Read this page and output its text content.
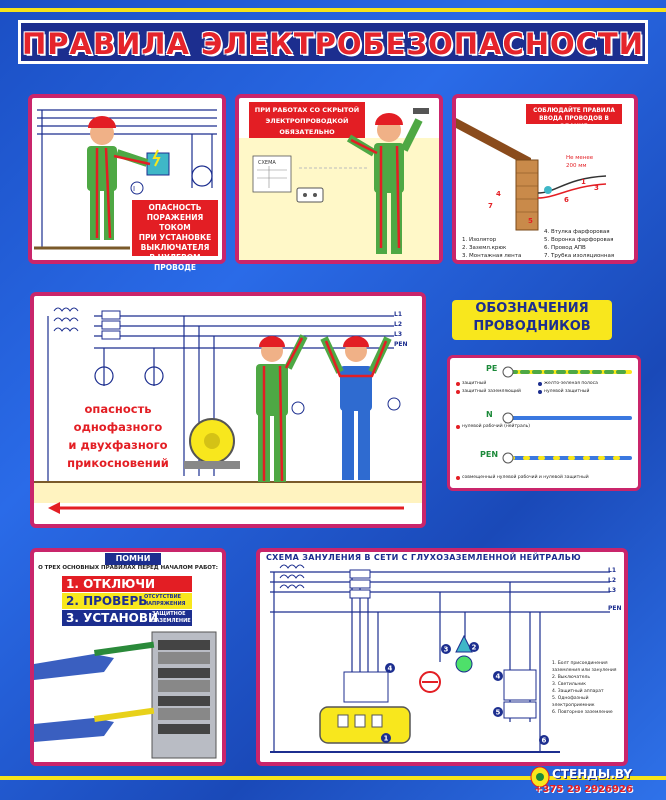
ПРАВИЛА ЭЛЕКТРОБЕЗОПАСНОСТИ
I
ОПАСНОСТЬ
ПОРАЖЕНИЯ ТОКОМ
ПРИ УСТАНОВКЕ
ВЫКЛЮЧАТЕЛЯ
В НУЛЕВОМ ПРОВОДЕ
ПРИ РАБОТАХ СО СКРЫТОЙ
ЭЛЕКТРОПРОВОДКОЙ ОБЯЗАТЕЛЬНО
СХЕМА
СОБЛЮДАЙТЕ ПРАВИЛА
ВВОДА ПРОВОДОВ В ЗДАНИЕ
1
3
6
4
7
5
Не менее
200 мм
1. Изолятор
2. Заземл.крюк
3. Монтажная лента
4. Втулка фарфоровая
5. Воронка фарфоровая
6. Провод АПВ
7. Трубка изоляционная
L1
L2
L3
PEN
опасность
однофазного
и двухфазного
прикосновений
ОБОЗНАЧЕНИЯ
ПРОВОДНИКОВ
PE
N
PEN
защитный
защитный заземляющий
желто-зеленая полоса
нулевой защитный
нулевой рабочий (нейтраль)
совмещенный нулевой рабочий и нулевой защитный
ПОМНИ
О ТРЕХ ОСНОВНЫХ ПРАВИЛАХ ПЕРЕД НАЧАЛОМ РАБОТ:
1. ОТКЛЮЧИ
2. ПРОВЕРЬ
ОТСУТСТВИЕ НАПРЯЖЕНИЯ
3. УСТАНОВИ
ЗАЩИТНОЕ ЗАЗЕМЛЕНИЕ
СХЕМА ЗАНУЛЕНИЯ В СЕТИ С ГЛУХОЗАЗЕМЛЕННОЙ НЕЙТРАЛЬЮ
1
4
3	2
4
5
6
L1
L2
L3
PEN
1. Болт присоединения заземления или зануления
2. Выключатель
3. Светильник
4. Защитный аппарат
5. Однофазный электроприемник
6. Повторное заземление
СТЕНДЫ.BY
+375 29 2926926
